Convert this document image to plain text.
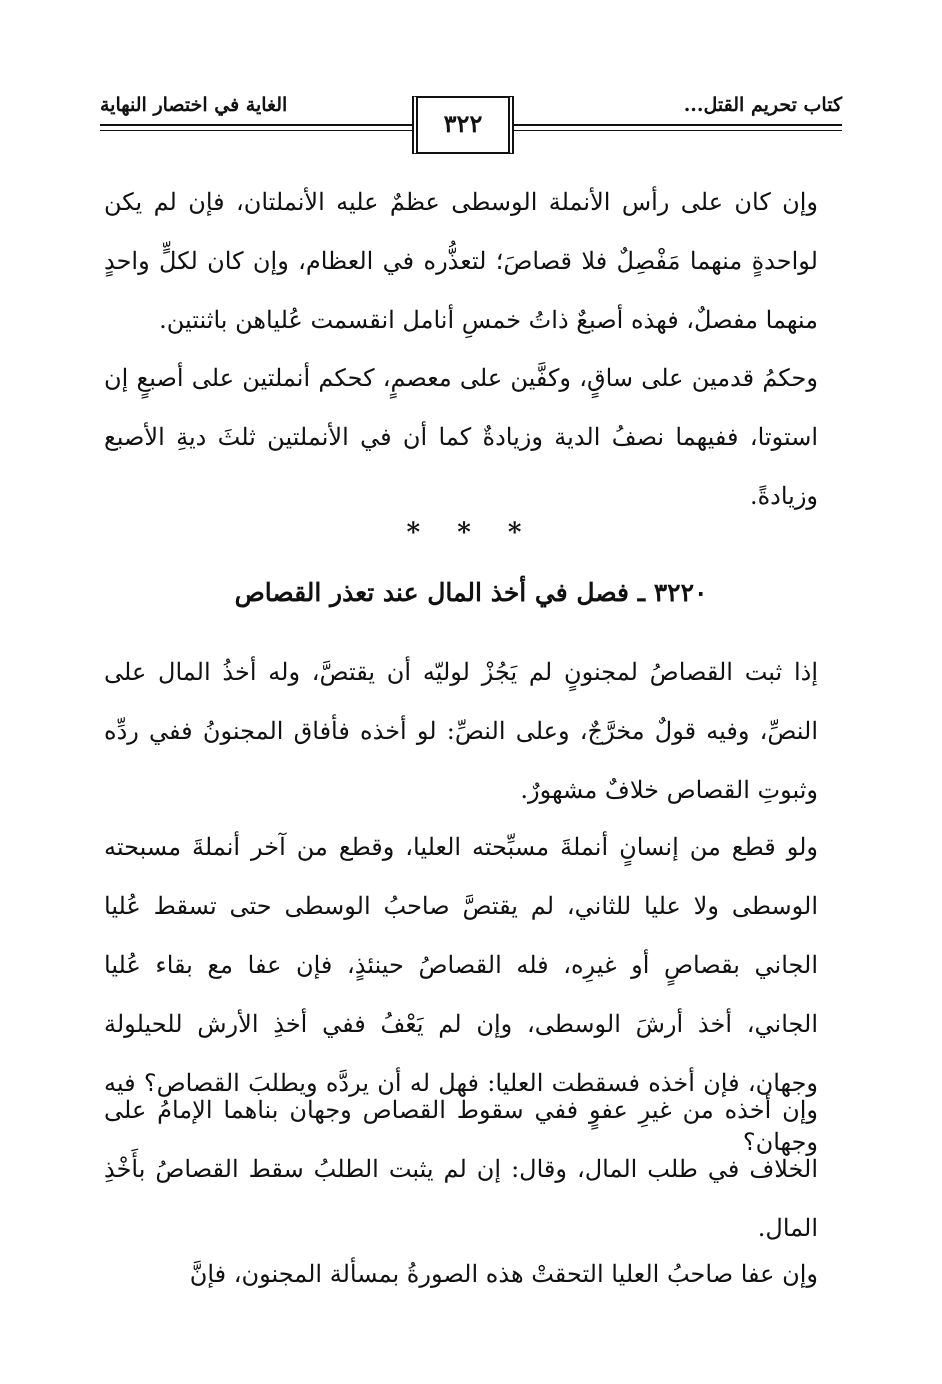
كتاب تحريم القتل...
الغاية في اختصار النهاية
٣٢٢

وإن كان على رأس الأنملة الوسطى عظمٌ عليه الأنملتان، فإن لم يكن لواحدةٍ منهما مَفْصِلٌ فلا قصاصَ؛ لتعذُّره في العظام، وإن كان لكلٍّ واحدٍ منهما مفصلٌ، فهذه أصبعٌ ذاتُ خمسِ أنامل انقسمت عُلياهن باثنتين.

وحكمُ قدمين على ساقٍ، وكفَّين على معصمٍ، كحكم أنملتين على أصبعٍ إن استوتا، ففيهما نصفُ الدية وزيادةٌ كما أن في الأنملتين ثلثَ ديةِ الأصبع وزيادةً.

* * *
٣٢٢٠ ـ فصل في أخذ المال عند تعذر القصاص

إذا ثبت القصاصُ لمجنونٍ لم يَجُزْ لوليّه أن يقتصَّ، وله أخذُ المال على النصِّ، وفيه قولٌ مخرَّجٌ، وعلى النصِّ: لو أخذه فأفاق المجنونُ ففي ردِّه وثبوتِ القصاص خلافٌ مشهورٌ.

ولو قطع من إنسانٍ أنملةَ مسبِّحته العليا، وقطع من آخر أنملةَ مسبحته الوسطى ولا عليا للثاني، لم يقتصَّ صاحبُ الوسطى حتى تسقط عُليا الجاني بقصاصٍ أو غيرِه، فله القصاصُ حينئذٍ، فإن عفا مع بقاء عُليا الجاني، أخذ أرشَ الوسطى، وإن لم يَعْفُ ففي أخذِ الأرش للحيلولة وجهان، فإن أخذه فسقطت العليا: فهل له أن يردَّه ويطلبَ القصاص؟ فيه وجهان؟

وإن أخذه من غيرِ عفوٍ ففي سقوط القصاص وجهان بناهما الإمامُ على الخلاف في طلب المال، وقال: إن لم يثبت الطلبُ سقط القصاصُ بأَخْذِ المال.

وإن عفا صاحبُ العليا التحقتْ هذه الصورةُ بمسألة المجنون، فإنَّ
